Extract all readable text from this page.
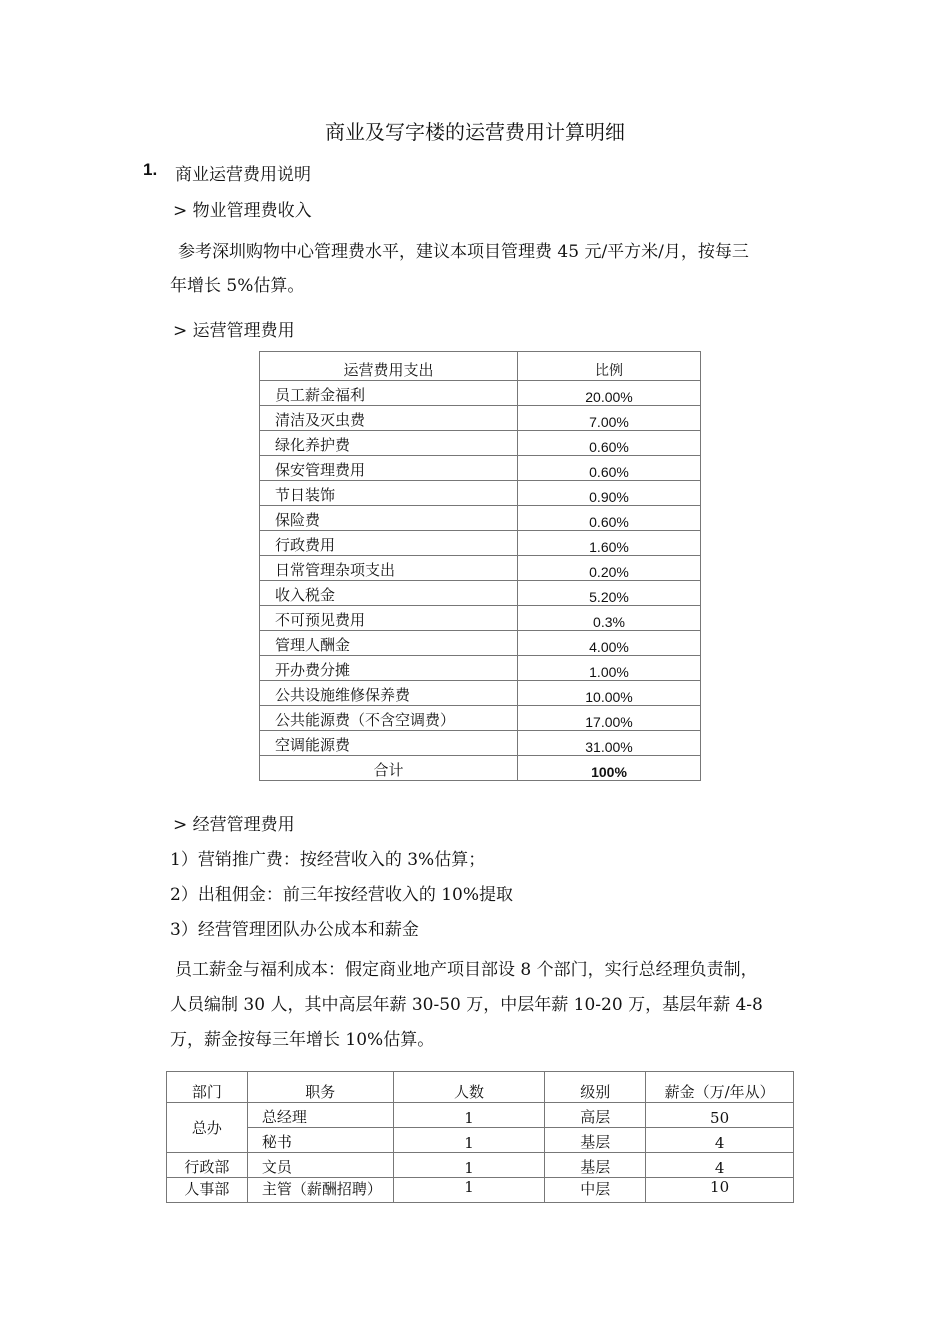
商业及写字楼的运营费用计算明细
1. 商业运营费用说明
> 物业管理费收入
参考深圳购物中心管理费水平，建议本项目管理费 45 元/平方米/月，按每三
年增长 5%估算。
> 运营管理费用
运营费用支出	比例
员工薪金福利	20.00%
清洁及灭虫费	7.00%
绿化养护费	0.60%
保安管理费用	0.60%
节日装饰	0.90%
保险费	0.60%
行政费用	1.60%
日常管理杂项支出	0.20%
收入税金	5.20%
不可预见费用	0.3%
管理人酬金	4.00%
开办费分摊	1.00%
公共设施维修保养费	10.00%
公共能源费（不含空调费）	17.00%
空调能源费	31.00%
合计	100%
> 经营管理费用
1）营销推广费：按经营收入的 3%估算；
2）出租佣金：前三年按经营收入的 10%提取
3）经营管理团队办公成本和薪金
员工薪金与福利成本：假定商业地产项目部设 8 个部门，实行总经理负责制，
人员编制 30 人，其中高层年薪 30-50 万，中层年薪 10-20 万，基层年薪 4-8
万，薪金按每三年增长 10%估算。
部门	职务	人数	级别	薪金（万/年从）
总办	总经理	1	高层	50
	秘书	1	基层	4
行政部	文员	1	基层	4
人事部	主管（薪酬招聘）	1	中层	10
